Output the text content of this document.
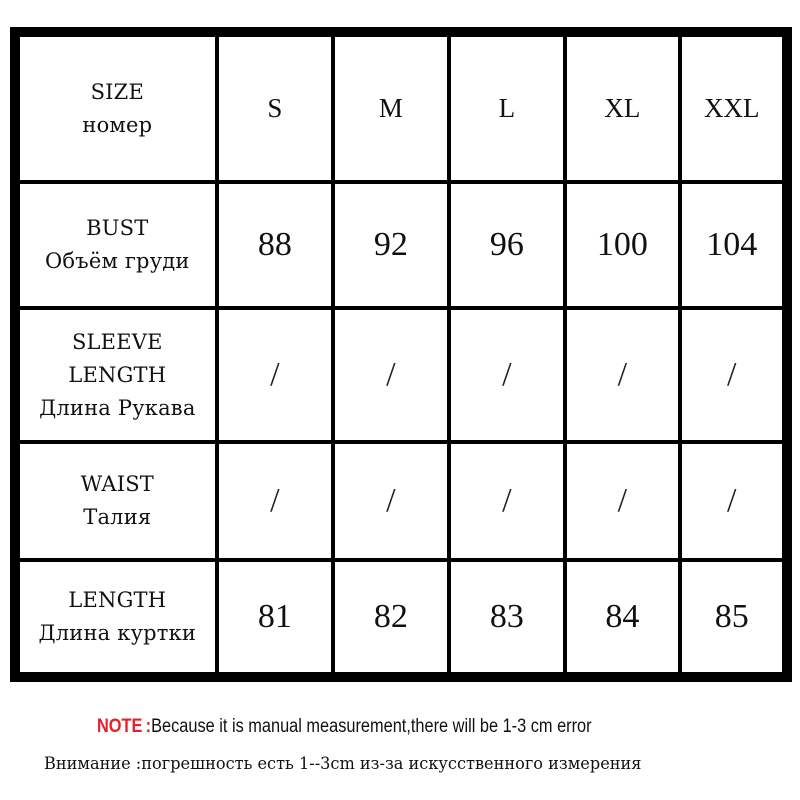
SIZE
номер	S	M	L	XL	XXL

BUST
Объём груди	88	92	96	100	104

SLEEVE
LENGTH
Длина Рукава	/	/	/	/	/

WAIST
Талия	/	/	/	/	/

LENGTH
Длина куртки	81	82	83	84	85
NOTE :Because it is manual measurement,there will be 1-3 cm error
Внимание :погрешность есть 1--3cm из-за искусственного измерения
